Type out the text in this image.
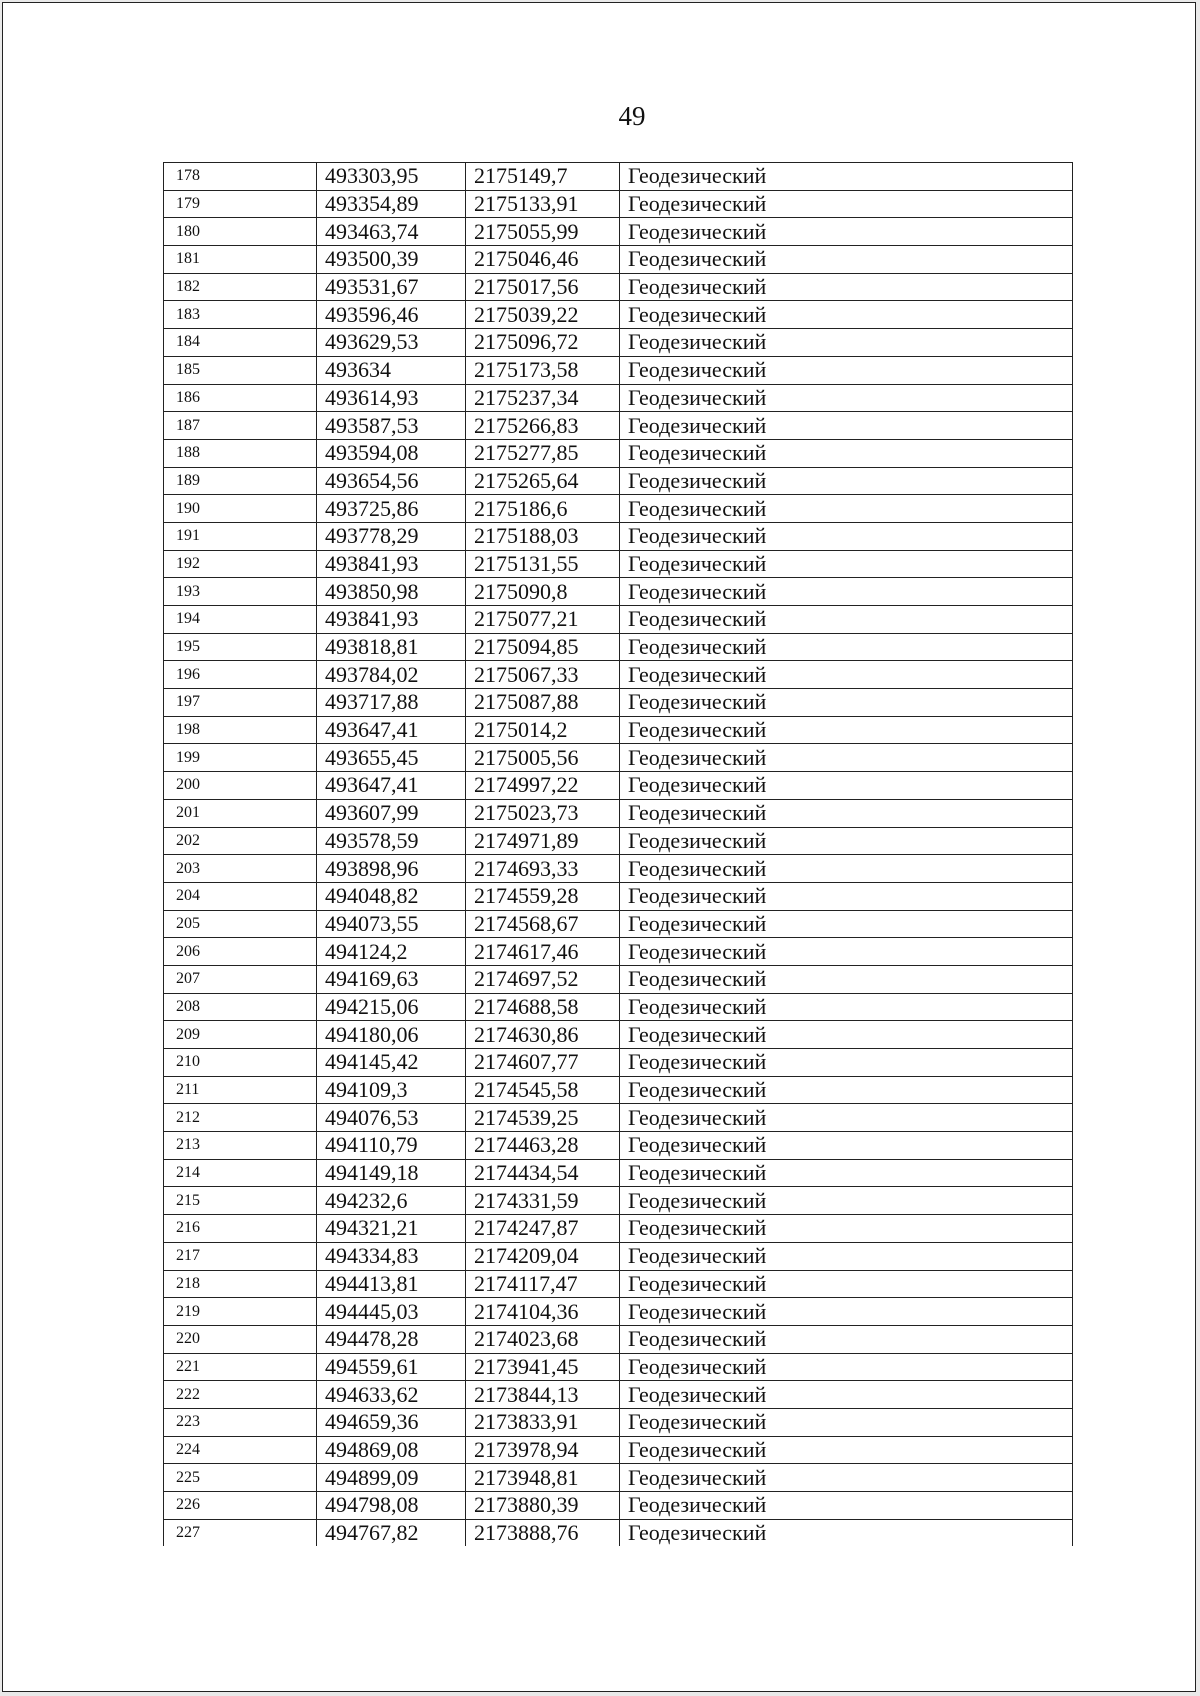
49
178	493303,95	2175149,7	Геодезический
179	493354,89	2175133,91	Геодезический
180	493463,74	2175055,99	Геодезический
181	493500,39	2175046,46	Геодезический
182	493531,67	2175017,56	Геодезический
183	493596,46	2175039,22	Геодезический
184	493629,53	2175096,72	Геодезический
185	493634	2175173,58	Геодезический
186	493614,93	2175237,34	Геодезический
187	493587,53	2175266,83	Геодезический
188	493594,08	2175277,85	Геодезический
189	493654,56	2175265,64	Геодезический
190	493725,86	2175186,6	Геодезический
191	493778,29	2175188,03	Геодезический
192	493841,93	2175131,55	Геодезический
193	493850,98	2175090,8	Геодезический
194	493841,93	2175077,21	Геодезический
195	493818,81	2175094,85	Геодезический
196	493784,02	2175067,33	Геодезический
197	493717,88	2175087,88	Геодезический
198	493647,41	2175014,2	Геодезический
199	493655,45	2175005,56	Геодезический
200	493647,41	2174997,22	Геодезический
201	493607,99	2175023,73	Геодезический
202	493578,59	2174971,89	Геодезический
203	493898,96	2174693,33	Геодезический
204	494048,82	2174559,28	Геодезический
205	494073,55	2174568,67	Геодезический
206	494124,2	2174617,46	Геодезический
207	494169,63	2174697,52	Геодезический
208	494215,06	2174688,58	Геодезический
209	494180,06	2174630,86	Геодезический
210	494145,42	2174607,77	Геодезический
211	494109,3	2174545,58	Геодезический
212	494076,53	2174539,25	Геодезический
213	494110,79	2174463,28	Геодезический
214	494149,18	2174434,54	Геодезический
215	494232,6	2174331,59	Геодезический
216	494321,21	2174247,87	Геодезический
217	494334,83	2174209,04	Геодезический
218	494413,81	2174117,47	Геодезический
219	494445,03	2174104,36	Геодезический
220	494478,28	2174023,68	Геодезический
221	494559,61	2173941,45	Геодезический
222	494633,62	2173844,13	Геодезический
223	494659,36	2173833,91	Геодезический
224	494869,08	2173978,94	Геодезический
225	494899,09	2173948,81	Геодезический
226	494798,08	2173880,39	Геодезический
227	494767,82	2173888,76	Геодезический
